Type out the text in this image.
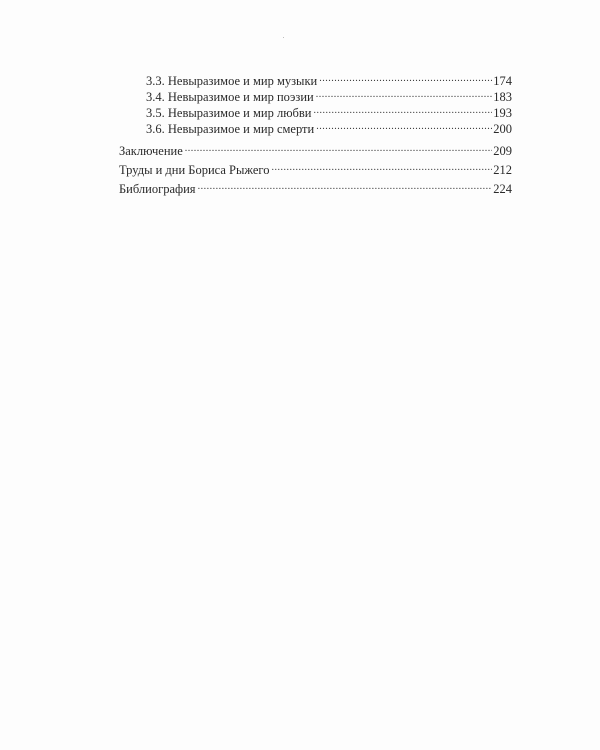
3.3. Невыразимое и мир музыки .....	174
3.4. Невыразимое и мир поэзии .....	183
3.5. Невыразимое и мир любви .....	193
3.6. Невыразимое и мир смерти .....	200
Заключение .....	209
Труды и дни Бориса Рыжего .....	212
Библиография .....	224
